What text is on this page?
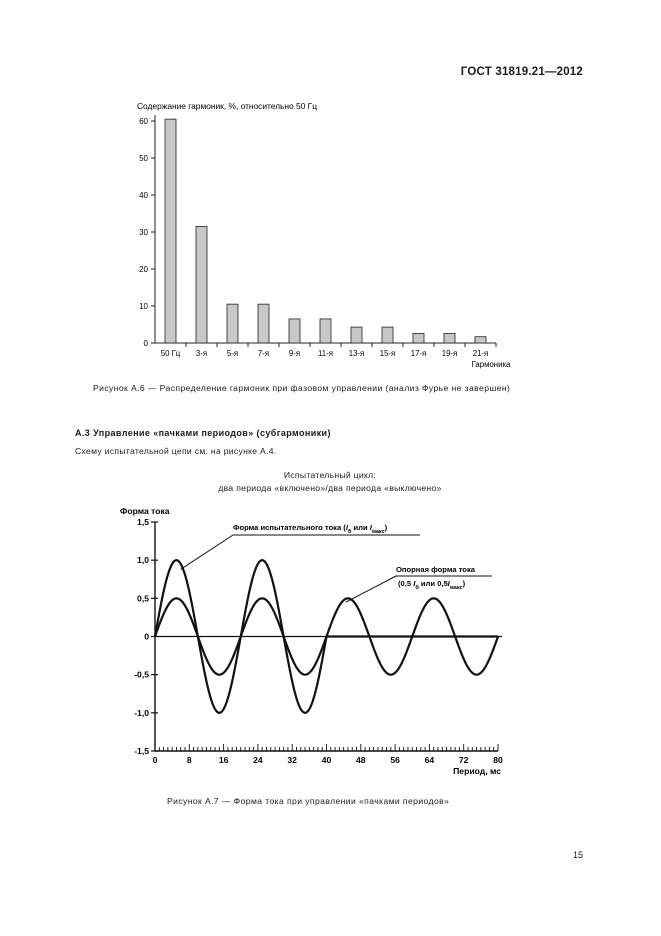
ГОСТ 31819.21—2012
Содержание гармоник, %, относительно 50 Гц
0
10
20
30
40
50
60
50 Гц 3-я	5-я	7-я	9-я 11-я 13-я 15-я 17-я 19-я 21-я
Гармоника
Рисунок А.6 — Распределение гармоник при фазовом управлении (анализ Фурье не завершен)
А.3 Управление «пачками периодов» (субгармоники)
Схему испытательной цепи см. на рисунке А.4.
Испытательный цикл:
два периода «включено»/два периода «выключено»
Форма тока
-1,5
-1,0
-0,5
0
0,5
1,0
1,5
0	8	16	24	32	40	48	56	64	72	80
Период, мс
Форма испытательного тока ($I_б$ или $I_{макс}$)
Опорная форма тока
(0,5 $I_б$ или $0,5I_{макс}$)
Рисунок А.7 — Форма тока при управлении «пачками периодов»
15
